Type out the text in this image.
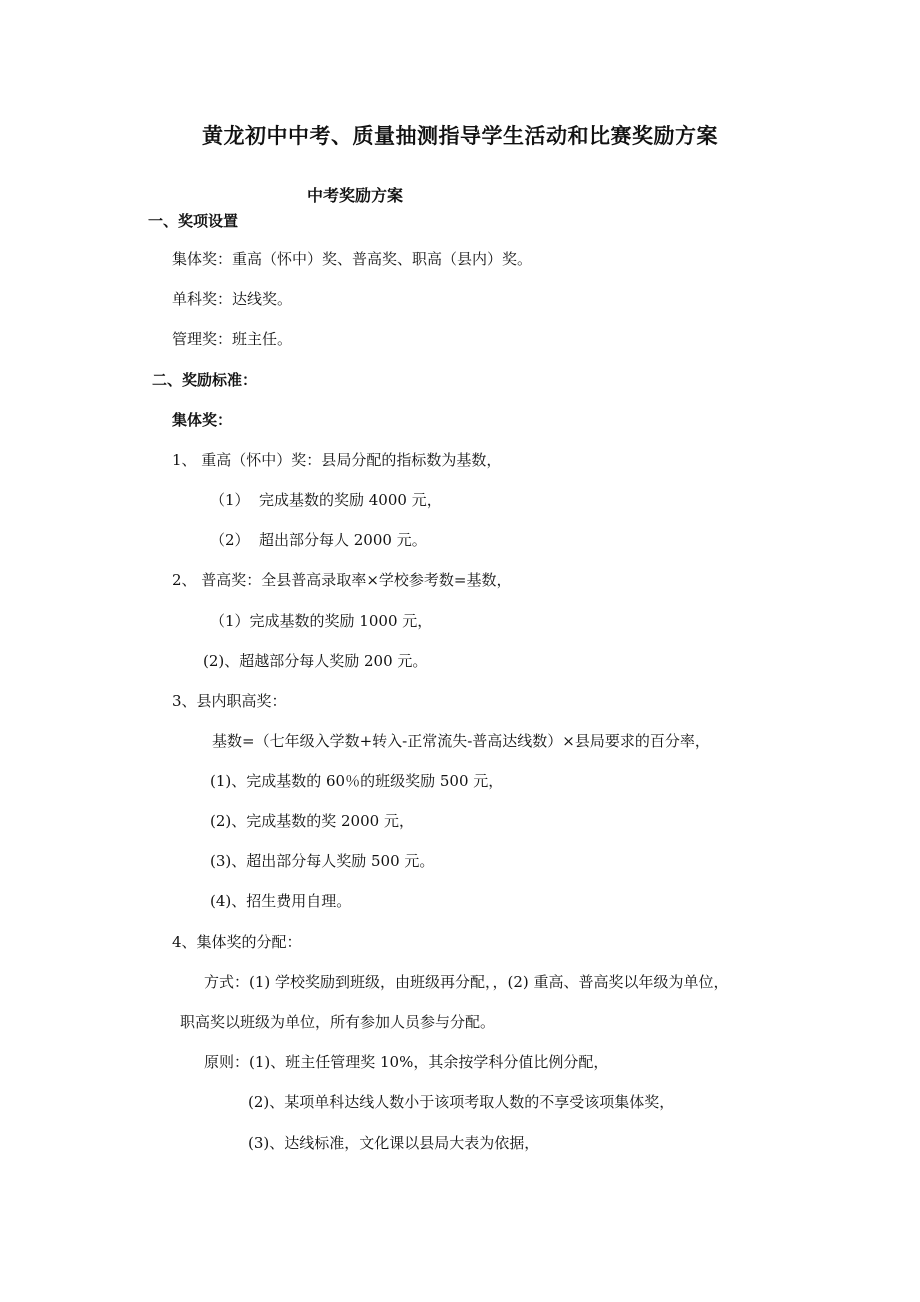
黄龙初中中考、质量抽测指导学生活动和比赛奖励方案
中考奖励方案
一、奖项设置
集体奖：重高（怀中）奖、普高奖、职高（县内）奖。
单科奖：达线奖。
管理奖：班主任。
二、奖励标准：
集体奖：
1、 重高（怀中）奖：县局分配的指标数为基数，
（1） 完成基数的奖励 4000 元，
（2） 超出部分每人 2000 元。
2、 普高奖：全县普高录取率×学校参考数=基数，
（1）完成基数的奖励 1000 元，
(2)、超越部分每人奖励 200 元。
3、县内职高奖：
基数=（七年级入学数+转入-正常流失-普高达线数）×县局要求的百分率，
(1)、完成基数的 60％的班级奖励 500 元，
(2)、完成基数的奖 2000 元，
(3)、超出部分每人奖励 500 元。
(4)、招生费用自理。
4、集体奖的分配：
方式：(1) 学校奖励到班级，由班级再分配，，(2) 重高、普高奖以年级为单位，
职高奖以班级为单位，所有参加人员参与分配。
原则：(1)、班主任管理奖 10%，其余按学科分值比例分配，
(2)、某项单科达线人数小于该项考取人数的不享受该项集体奖，
(3)、达线标准，文化课以县局大表为依据，
